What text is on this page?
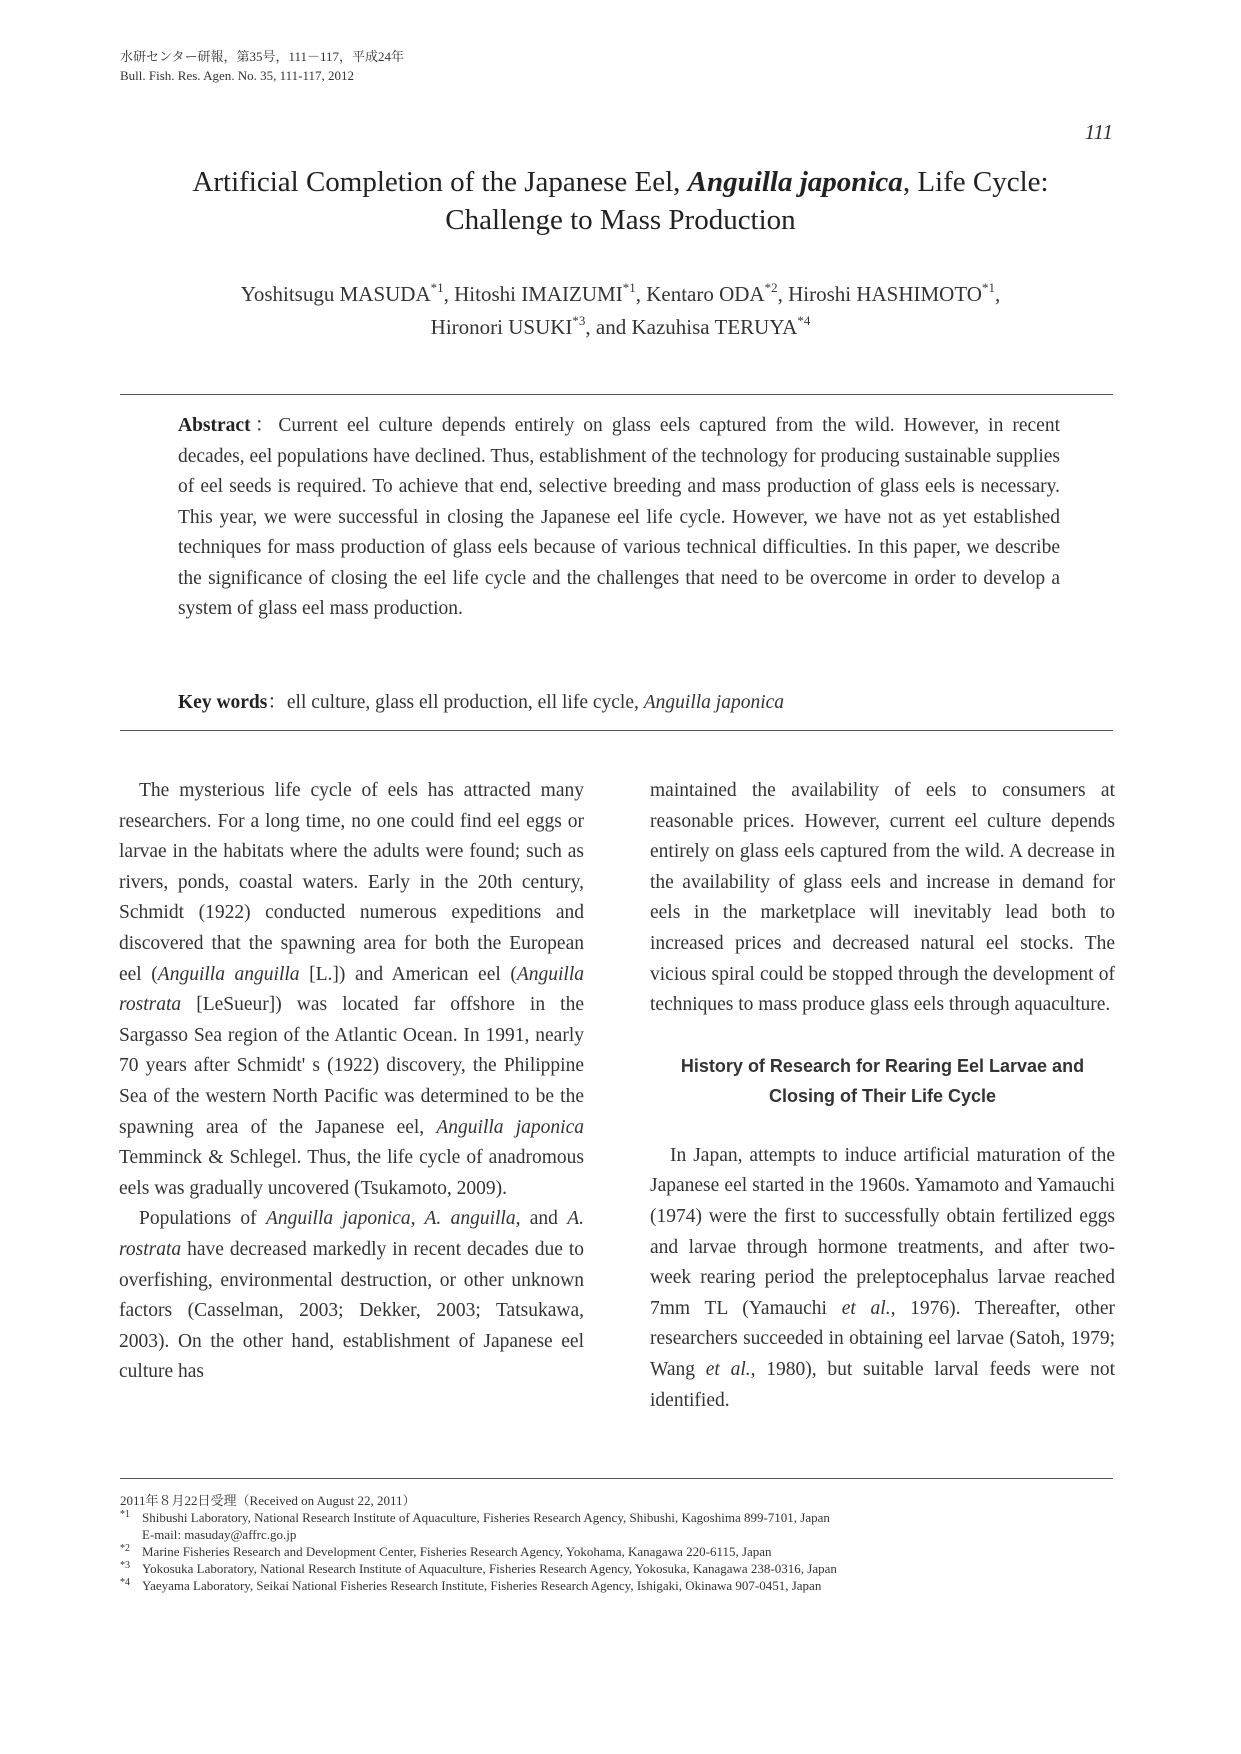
水研センター研報，第35号，111－117，平成24年
Bull. Fish. Res. Agen. No. 35, 111-117, 2012
111
Artificial Completion of the Japanese Eel, Anguilla japonica, Life Cycle: Challenge to Mass Production
Yoshitsugu MASUDA$^{*1}$, Hitoshi IMAIZUMI$^{*1}$, Kentaro ODA$^{*2}$, Hiroshi HASHIMOTO$^{*1}$,
Hironori USUKI$^{*3}$, and Kazuhisa TERUYA$^{*4}$
Abstract：Current eel culture depends entirely on glass eels captured from the wild. However, in recent decades, eel populations have declined. Thus, establishment of the technology for producing sustainable supplies of eel seeds is required. To achieve that end, selective breeding and mass production of glass eels is necessary. This year, we were successful in closing the Japanese eel life cycle. However, we have not as yet established techniques for mass production of glass eels because of various technical difficulties. In this paper, we describe the significance of closing the eel life cycle and the challenges that need to be overcome in order to develop a system of glass eel mass production.
Key words：ell culture, glass ell production, ell life cycle, Anguilla japonica

The mysterious life cycle of eels has attracted many researchers. For a long time, no one could find eel eggs or larvae in the habitats where the adults were found; such as rivers, ponds, coastal waters. Early in the 20th century, Schmidt (1922) conducted numerous expeditions and discovered that the spawning area for both the European eel (Anguilla anguilla [L.]) and American eel (Anguilla rostrata [LeSueur]) was located far offshore in the Sargasso Sea region of the Atlantic Ocean. In 1991, nearly 70 years after Schmidt' s (1922) discovery, the Philippine Sea of the western North Pacific was determined to be the spawning area of the Japanese eel, Anguilla japonica Temminck & Schlegel. Thus, the life cycle of anadromous eels was gradually uncovered (Tsukamoto, 2009).

Populations of Anguilla japonica, A. anguilla, and A. rostrata have decreased markedly in recent decades due to overfishing, environmental destruction, or other unknown factors (Casselman, 2003; Dekker, 2003; Tatsukawa, 2003). On the other hand, establishment of Japanese eel culture has

maintained the availability of eels to consumers at reasonable prices. However, current eel culture depends entirely on glass eels captured from the wild. A decrease in the availability of glass eels and increase in demand for eels in the marketplace will inevitably lead both to increased prices and decreased natural eel stocks. The vicious spiral could be stopped through the development of techniques to mass produce glass eels through aquaculture.

History of Research for Rearing Eel Larvae and Closing of Their Life Cycle

In Japan, attempts to induce artificial maturation of the Japanese eel started in the 1960s. Yamamoto and Yamauchi (1974) were the first to successfully obtain fertilized eggs and larvae through hormone treatments, and after two-week rearing period the preleptocephalus larvae reached 7mm TL (Yamauchi et al., 1976). Thereafter, other researchers succeeded in obtaining eel larvae (Satoh, 1979; Wang et al., 1980), but suitable larval feeds were not identified.

2011年８月22日受理（Received on August 22, 2011）
*1 Shibushi Laboratory, National Research Institute of Aquaculture, Fisheries Research Agency, Shibushi, Kagoshima 899-7101, Japan
E-mail: masuday@affrc.go.jp
*2 Marine Fisheries Research and Development Center, Fisheries Research Agency, Yokohama, Kanagawa 220-6115, Japan
*3 Yokosuka Laboratory, National Research Institute of Aquaculture, Fisheries Research Agency, Yokosuka, Kanagawa 238-0316, Japan
*4 Yaeyama Laboratory, Seikai National Fisheries Research Institute, Fisheries Research Agency, Ishigaki, Okinawa 907-0451, Japan
